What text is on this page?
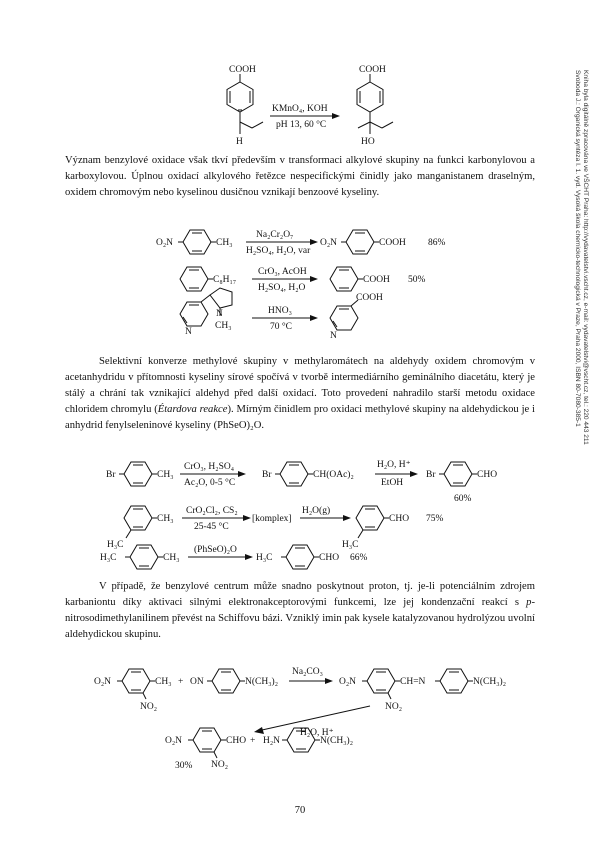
Svoboda J.: Organická syntéza I. 1. vyd. Vysoká škola chemicko-technologická v Praze, Praha 2000, ISBN 80-7080-385-1 Kniha byla digitálně zpracována ve VŠCHT Praha: http://vydavatelstvi.vscht.cz, e-mail: vydavatelstvi@vscht.cz, tel.: 220 443 211
COOH
H
KMnO₄, KOH
pH 13, 60 °C
COOH
HO

Význam benzylové oxidace však tkví především v transformaci alkylové skupiny na funkci karbonylovou a karboxylovou. Úplnou oxidací alkylového řetězce nespecifickými činidly jako manganistanem draselným, oxidem chromovým nebo kyselinou dusičnou vznikají benzoové kyseliny.

O₂N	CH₃
Na₂Cr₂O₇
H₂SO₄, H₂O, var
O₂N	COOH 86%
C₈H₁₇
CrO₃, AcOH
H₂SO₄, H₂O
COOH 50%
N
N
CH₃
HNO₃
70 °C
COOH
N

Selektivní konverze methylové skupiny v methylaromátech na aldehydy oxidem chromovým v acetanhydridu v přítomnosti kyseliny sírové spočívá v tvorbě intermediárního geminálního diacetátu, který je stálý a chrání tak vznikající aldehyd před další oxidací. Toto provedení nahradilo starší metodu oxidace chloridem chromylu (Étardova reakce). Mírným činidlem pro oxidaci methylové skupiny na aldehydickou je i anhydrid fenylseleninové kyseliny (PhSeO)₂O.

Br	CH₃
CrO₃, H₂SO₄
Ac₂O, 0-5 °C
Br	CH(OAc)₂
H₂O, H⁺
EtOH
Br	CHO
60%
CH₃
H₃C
CrO₂Cl₂, CS₂
25-45 °C
[komplex]
H₂O(g)
CHO 75%
H₃C
H₃C	CH₃
(PhSeO)₂O
H₃C	CHO 66%

V případě, že benzylové centrum může snadno poskytnout proton, tj. je-li potenciálním zdrojem karbaniontu díky aktivaci silnými elektronakceptorovými funkcemi, lze jej kondenzační reakcí s p-nitrosodimethylanilinem převést na Schiffovu bázi. Vzniklý imin pak kysele katalyzovanou hydrolýzou uvolní aldehydickou skupinu.

O₂N	CH₃
NO₂
+ ON	N(CH₃)₂
Na₂CO₃
O₂N	CH=N	N(CH₃)₂
NO₂
H₂O, H⁺
O₂N	CHO + H₂N	N(CH₃)₂
NO₂
30%
70
